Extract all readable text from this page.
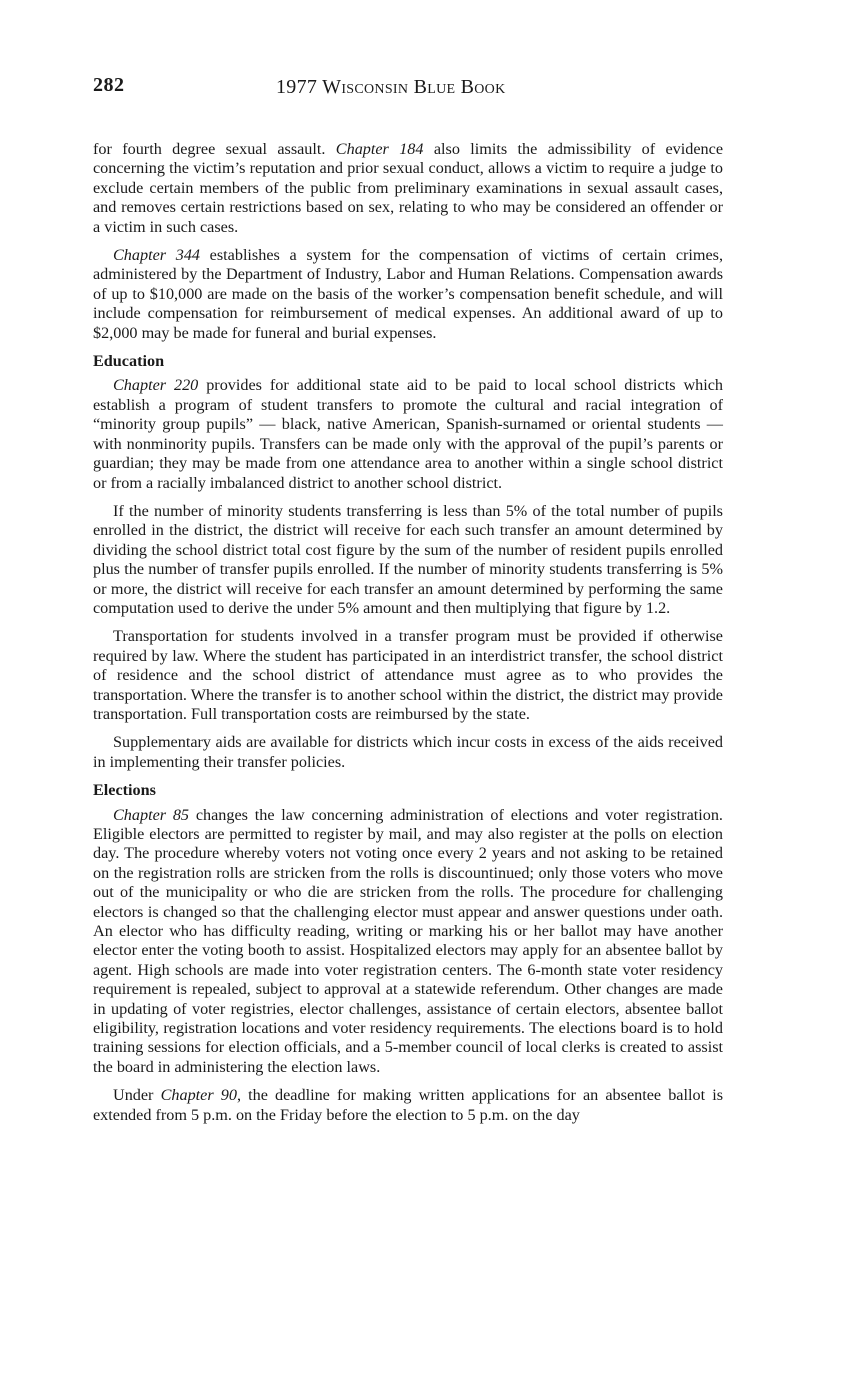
282	1977 Wisconsin Blue Book

for fourth degree sexual assault. Chapter 184 also limits the admissibility of evidence concerning the victim’s reputation and prior sexual conduct, allows a victim to require a judge to exclude certain members of the public from preliminary examinations in sexual assault cases, and removes certain restrictions based on sex, relating to who may be considered an offender or a victim in such cases.

Chapter 344 establishes a system for the compensation of victims of certain crimes, administered by the Department of Industry, Labor and Human Relations. Compensation awards of up to $10,000 are made on the basis of the worker’s compensation benefit schedule, and will include compensation for reimbursement of medical expenses. An additional award of up to $2,000 may be made for funeral and burial expenses.

Education

Chapter 220 provides for additional state aid to be paid to local school districts which establish a program of student transfers to promote the cultural and racial integration of “minority group pupils” — black, native American, Spanish-surnamed or oriental students — with nonminority pupils. Transfers can be made only with the approval of the pupil’s parents or guardian; they may be made from one attendance area to another within a single school district or from a racially imbalanced district to another school district.

If the number of minority students transferring is less than 5% of the total number of pupils enrolled in the district, the district will receive for each such transfer an amount determined by dividing the school district total cost figure by the sum of the number of resident pupils enrolled plus the number of transfer pupils enrolled. If the number of minority students transferring is 5% or more, the district will receive for each transfer an amount determined by performing the same computation used to derive the under 5% amount and then multiplying that figure by 1.2.

Transportation for students involved in a transfer program must be provided if otherwise required by law. Where the student has participated in an interdistrict transfer, the school district of residence and the school district of attendance must agree as to who provides the transportation. Where the transfer is to another school within the district, the district may provide transportation. Full transportation costs are reimbursed by the state.

Supplementary aids are available for districts which incur costs in excess of the aids received in implementing their transfer policies.

Elections

Chapter 85 changes the law concerning administration of elections and voter registration. Eligible electors are permitted to register by mail, and may also register at the polls on election day. The procedure whereby voters not voting once every 2 years and not asking to be retained on the registration rolls are stricken from the rolls is discountinued; only those voters who move out of the municipality or who die are stricken from the rolls. The procedure for challenging electors is changed so that the challenging elector must appear and answer questions under oath. An elector who has difficulty reading, writing or marking his or her ballot may have another elector enter the voting booth to assist. Hospitalized electors may apply for an absentee ballot by agent. High schools are made into voter registration centers. The 6-month state voter residency requirement is repealed, subject to approval at a statewide referendum. Other changes are made in updating of voter registries, elector challenges, assistance of certain electors, absentee ballot eligibility, registration locations and voter residency requirements. The elections board is to hold training sessions for election officials, and a 5-member council of local clerks is created to assist the board in administering the election laws.

Under Chapter 90, the deadline for making written applications for an absentee ballot is extended from 5 p.m. on the Friday before the election to 5 p.m. on the day
